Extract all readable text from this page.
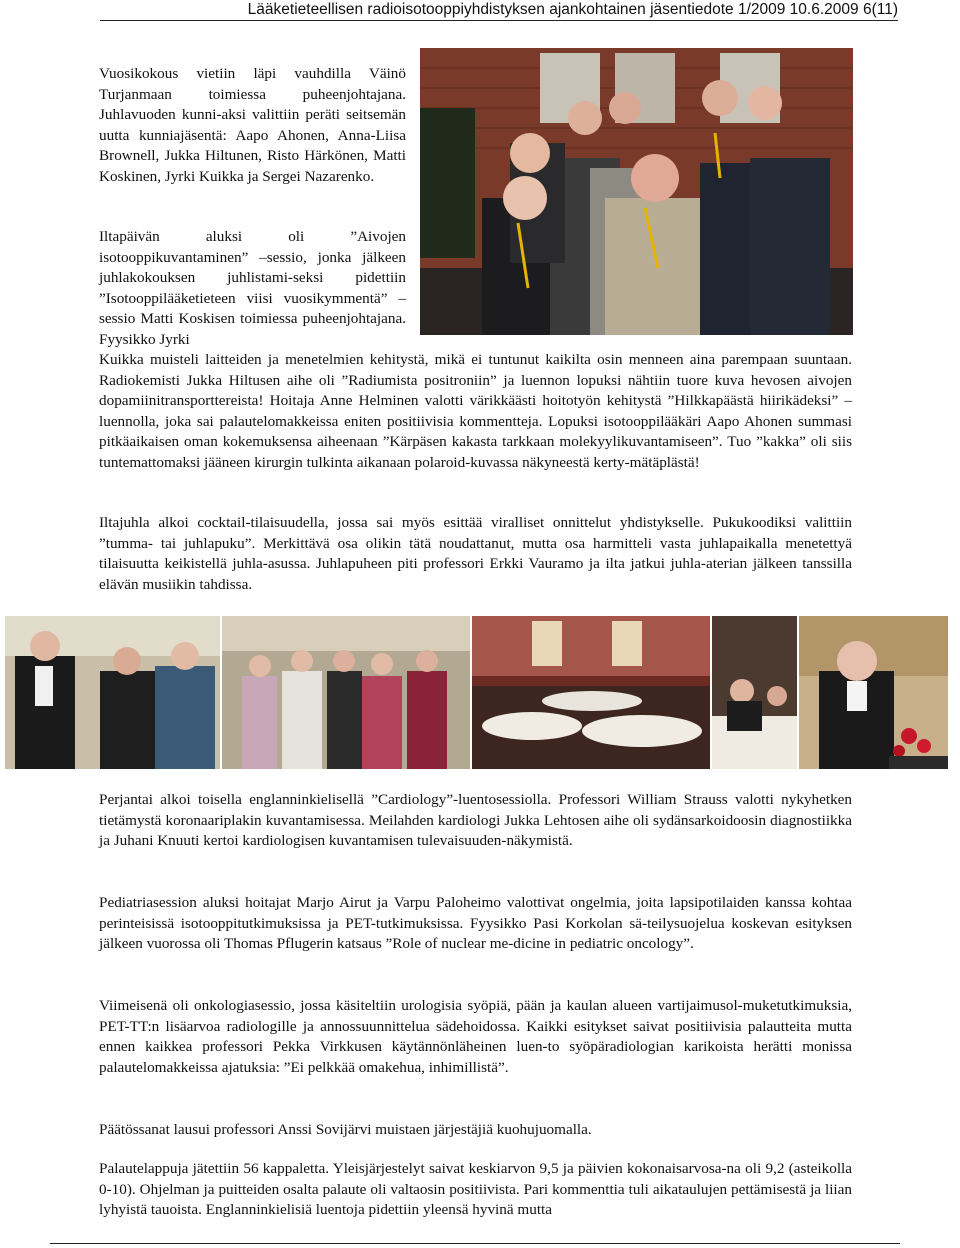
Lääketieteellisen radioisotooppiyhdistyksen ajankohtainen jäsentiedote 1/2009 10.6.2009 6(11)

Vuosikokous vietiin läpi vauhdilla Väinö Turjanmaan toimiessa puheenjohtajana. Juhlavuoden kunni-aksi valittiin peräti seitsemän uutta kunniajäsentä: Aapo Ahonen, Anna-Liisa Brownell, Jukka Hiltunen, Risto Härkönen, Matti Koskinen, Jyrki Kuikka ja Sergei Nazarenko.

Iltapäivän aluksi oli ”Aivojen isotooppikuvantaminen” –sessio, jonka jälkeen juhlakokouksen juhlistami-seksi pidettiin ”Isotooppilääketieteen viisi vuosikymmentä” –sessio Matti Koskisen toimiessa puheenjohtajana. Fyysikko Jyrki

Kuikka muisteli laitteiden ja menetelmien kehitystä, mikä ei tuntunut kaikilta osin menneen aina parempaan suuntaan. Radiokemisti Jukka Hiltusen aihe oli ”Radiumista positroniin” ja luennon lopuksi nähtiin tuore kuva hevosen aivojen dopamiinitransporttereista! Hoitaja Anne Helminen valotti värikkäästi hoitotyön kehitystä ”Hilkkapäästä hiirikädeksi” –luennolla, joka sai palautelomakkeissa eniten positiivisia kommentteja. Lopuksi isotooppilääkäri Aapo Ahonen summasi pitkäaikaisen oman kokemuksensa aiheenaan ”Kärpäsen kakasta tarkkaan molekyylikuvantamiseen”. Tuo ”kakka” oli siis tuntemattomaksi jääneen kirurgin tulkinta aikanaan polaroid-kuvassa näkyneestä kerty-mätäplästä!

Iltajuhla alkoi cocktail-tilaisuudella, jossa sai myös esittää viralliset onnittelut yhdistykselle. Pukukoodiksi valittiin ”tumma- tai juhlapuku”. Merkittävä osa olikin tätä noudattanut, mutta osa harmitteli vasta juhlapaikalla menetettyä tilaisuutta keikistellä juhla-asussa. Juhlapuheen piti professori Erkki Vauramo ja ilta jatkui juhla-aterian jälkeen tanssilla elävän musiikin tahdissa.

Perjantai alkoi toisella englanninkielisellä ”Cardiology”-luentosessiolla. Professori William Strauss valotti nykyhetken tietämystä koronaariplakin kuvantamisessa. Meilahden kardiologi Jukka Lehtosen aihe oli sydänsarkoidoosin diagnostiikka ja Juhani Knuuti kertoi kardiologisen kuvantamisen tulevaisuuden-näkymistä.

Pediatriasession aluksi hoitajat Marjo Airut ja Varpu Paloheimo valottivat ongelmia, joita lapsipotilaiden kanssa kohtaa perinteisissä isotooppitutkimuksissa ja PET-tutkimuksissa. Fyysikko Pasi Korkolan sä-teilysuojelua koskevan esityksen jälkeen vuorossa oli Thomas Pflugerin katsaus ”Role of nuclear me-dicine in pediatric oncology”.

Viimeisenä oli onkologiasessio, jossa käsiteltiin urologisia syöpiä, pään ja kaulan alueen vartijaimusol-muketutkimuksia, PET-TT:n lisäarvoa radiologille ja annossuunnittelua sädehoidossa. Kaikki esitykset saivat positiivisia palautteita mutta ennen kaikkea professori Pekka Virkkusen käytännönläheinen luen-to syöpäradiologian karikoista herätti monissa palautelomakkeissa ajatuksia: ”Ei pelkkää omakehua, inhimillistä”.

Päätössanat lausui professori Anssi Sovijärvi muistaen järjestäjiä kuohujuomalla.

Palautelappuja jätettiin 56 kappaletta. Yleisjärjestelyt saivat keskiarvon 9,5 ja päivien kokonaisarvosa-na oli 9,2 (asteikolla 0-10). Ohjelman ja puitteiden osalta palaute oli valtaosin positiivista. Pari kommenttia tuli aikataulujen pettämisestä ja liian lyhyistä tauoista. Englanninkielisiä luentoja pidettiin yleensä hyvinä mutta
